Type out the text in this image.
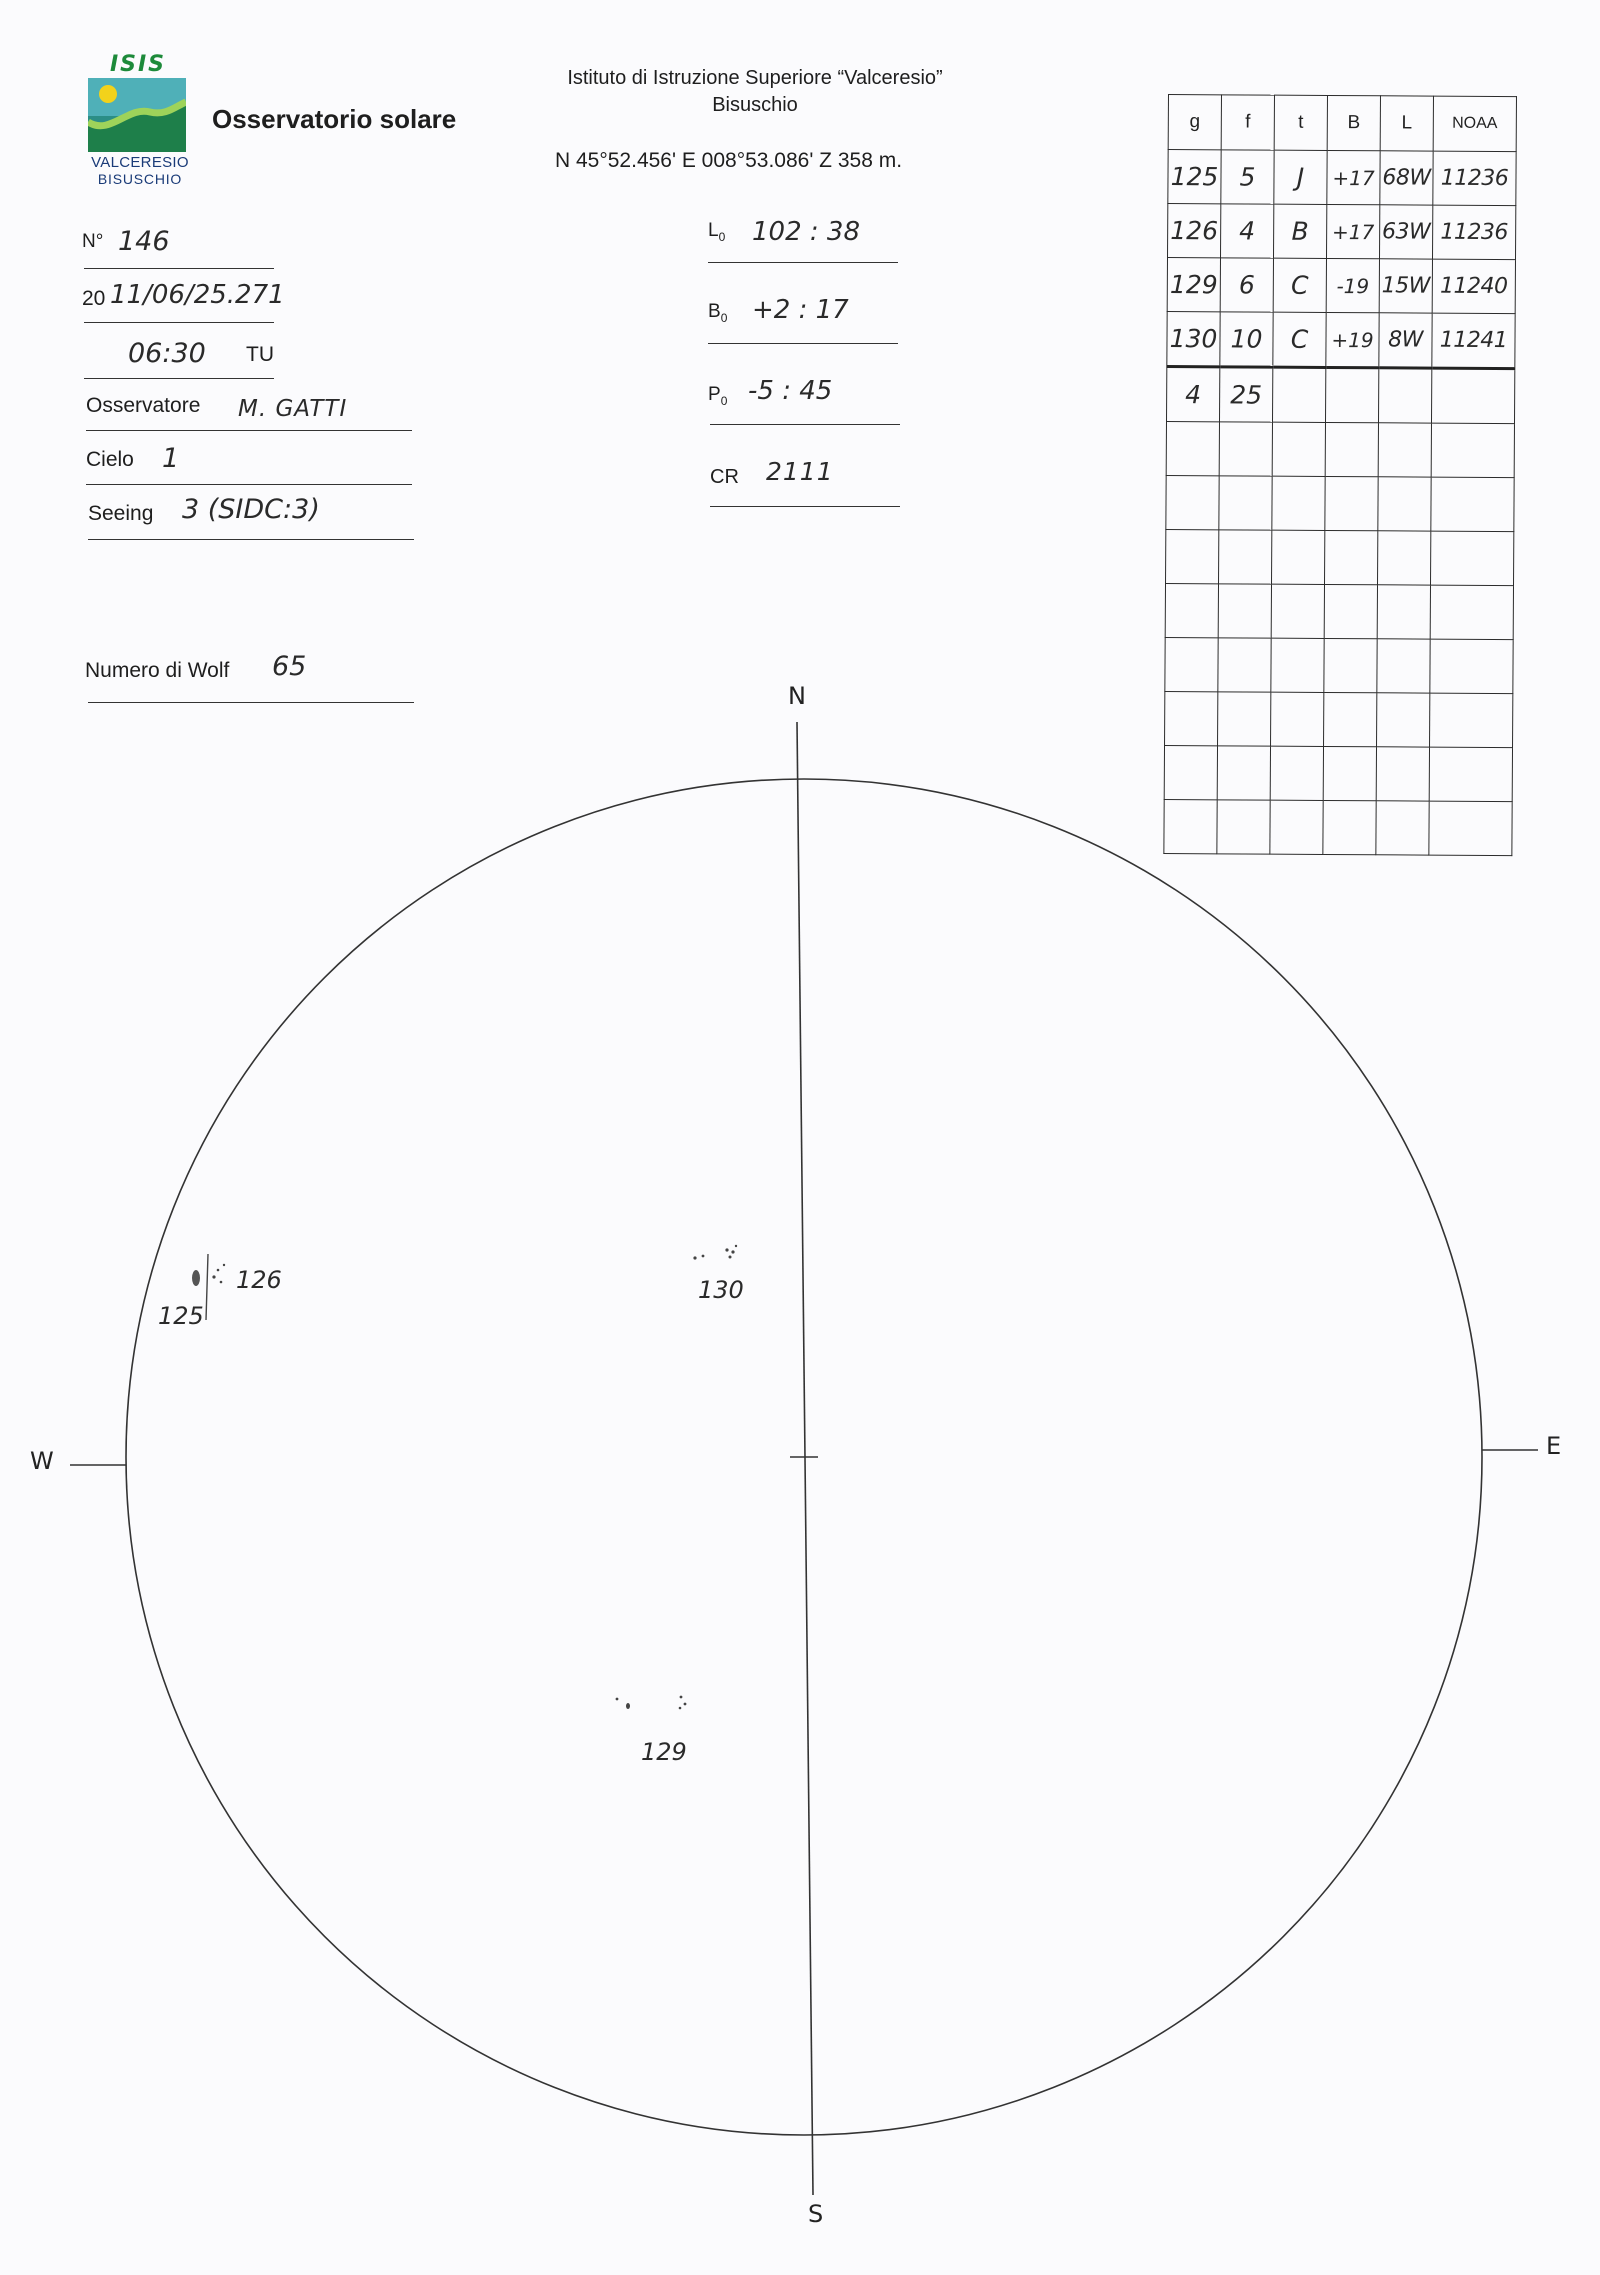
ISIS
VALCERESIO
BISUSCHIO
Osservatorio solare
Istituto di Istruzione Superiore “Valceresio”
Bisuschio
N 45°52.456' E 008°53.086' Z 358 m.
N° 146
20 11/06/25.271
06:30 TU
Osservatore M. GATTI
Cielo 1
Seeing 3 (SIDC:3)
Numero di Wolf 65
$L_0$ 102 : 38
$B_0 +2$ : 17
$P_0$ -5 : 45
CR 2111
g	f	t	B	L	NOAA
125	5	J	+17	68W	11236
126	4	B	+17	63W	11236
129	6	C	-19	15W	11240
130	10	C	+19	8W	11241
4	25				

N
S
E
W
125
126	130
129
